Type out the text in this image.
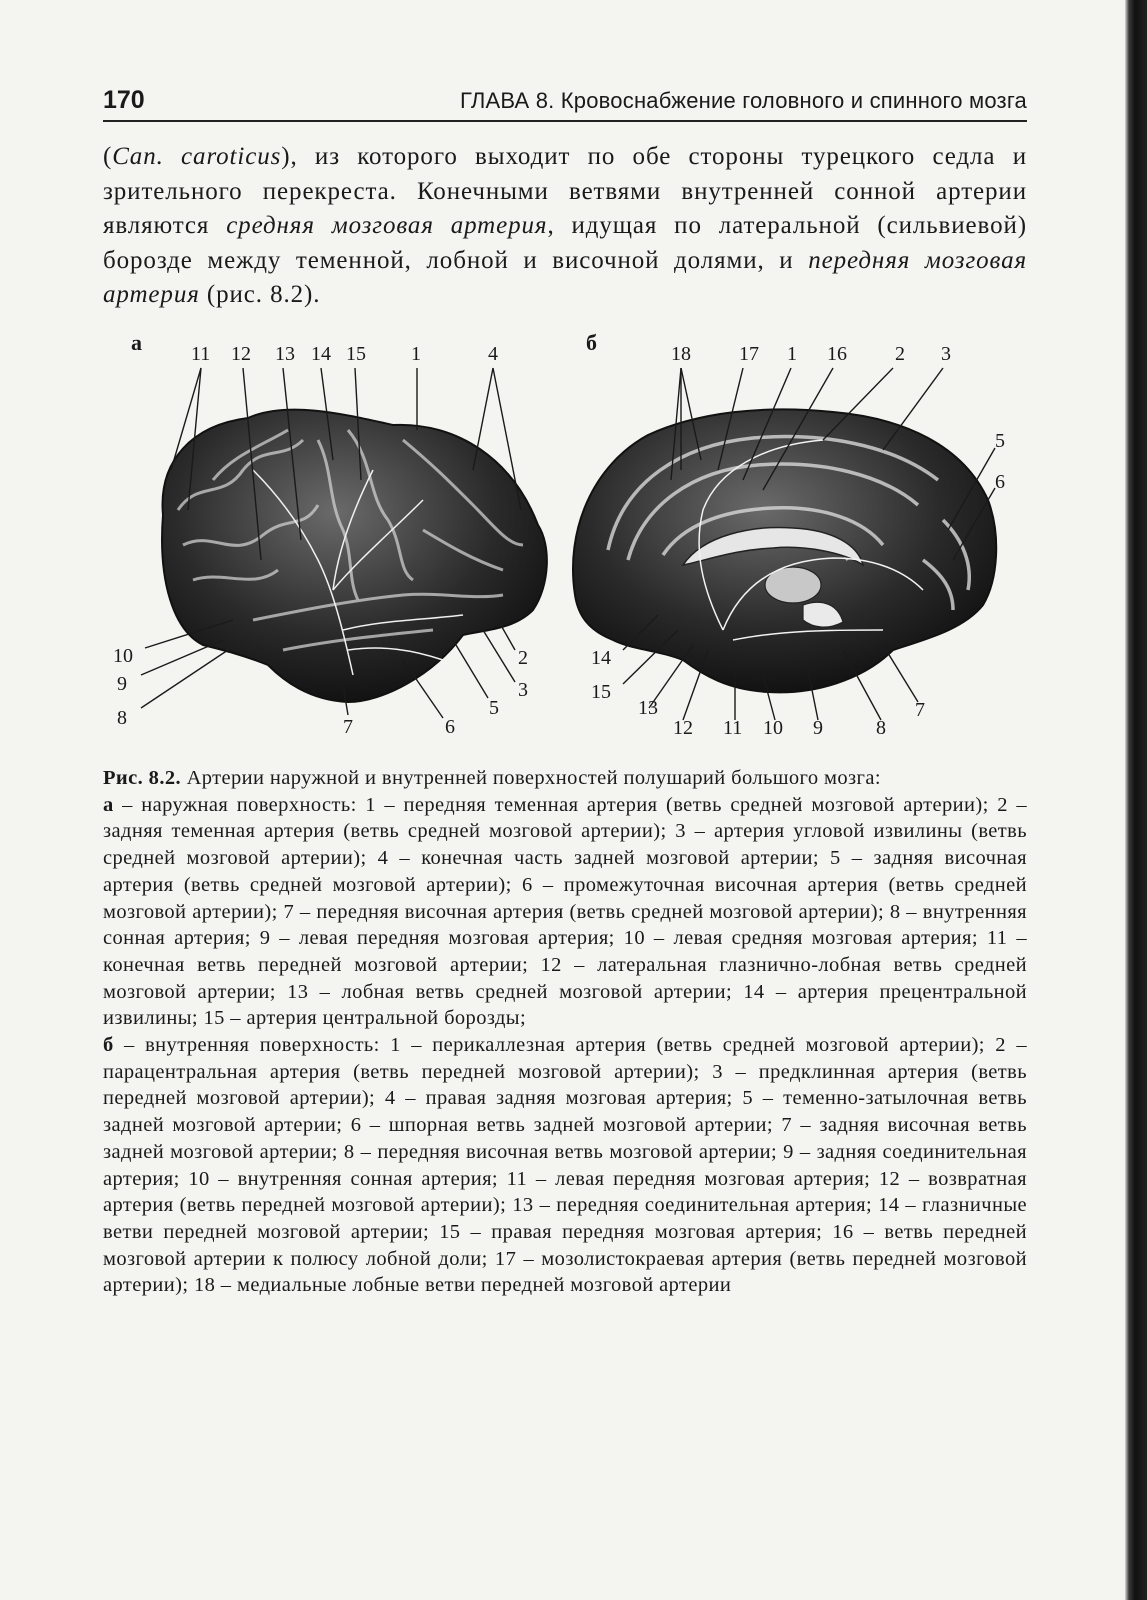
170	ГЛАВА 8. Кровоснабжение головного и спинного мозга

(Can. caroticus), из которого выходит по обе стороны турецкого седла и зрительного перекреста. Конечными ветвями внутренней сонной артерии являются средняя мозговая артерия, идущая по латеральной (сильвиевой) борозде между теменной, лобной и височной долями, и передняя мозговая артерия (рис. 8.2).

а 11 12 13 14 15 1	4
10
9
8	7	6
5
3
2
б	18 17 1 16 2 3
5
6
14
15
13
12 11 10 9	8
7

Рис. 8.2. Артерии наружной и внутренней поверхностей полушарий большого мозга:

а – наружная поверхность: 1 – передняя теменная артерия (ветвь средней мозговой артерии); 2 – задняя теменная артерия (ветвь средней мозговой артерии); 3 – артерия угловой извилины (ветвь средней мозговой артерии); 4 – конечная часть задней мозговой артерии; 5 – задняя височная артерия (ветвь средней мозговой артерии); 6 – промежуточная височная артерия (ветвь средней мозговой артерии); 7 – передняя височная артерия (ветвь средней мозговой артерии); 8 – внутренняя сонная артерия; 9 – левая передняя мозговая артерия; 10 – левая средняя мозговая артерия; 11 – конечная ветвь передней мозговой артерии; 12 – латеральная глазнично-лобная ветвь средней мозговой артерии; 13 – лобная ветвь средней мозговой артерии; 14 – артерия прецентральной извилины; 15 – артерия центральной борозды;

б – внутренняя поверхность: 1 – перикаллезная артерия (ветвь средней мозговой артерии); 2 – парацентральная артерия (ветвь передней мозговой артерии); 3 – предклинная артерия (ветвь передней мозговой артерии); 4 – правая задняя мозговая артерия; 5 – теменно-затылочная ветвь задней мозговой артерии; 6 – шпорная ветвь задней мозговой артерии; 7 – задняя височная ветвь задней мозговой артерии; 8 – передняя височная ветвь мозговой артерии; 9 – задняя соединительная артерия; 10 – внутренняя сонная артерия; 11 – левая передняя мозговая артерия; 12 – возвратная артерия (ветвь передней мозговой артерии); 13 – передняя соединительная артерия; 14 – глазничные ветви передней мозговой артерии; 15 – правая передняя мозговая артерия; 16 – ветвь передней мозговой артерии к полюсу лобной доли; 17 – мозолистокраевая артерия (ветвь передней мозговой артерии); 18 – медиальные лобные ветви передней мозговой артерии
